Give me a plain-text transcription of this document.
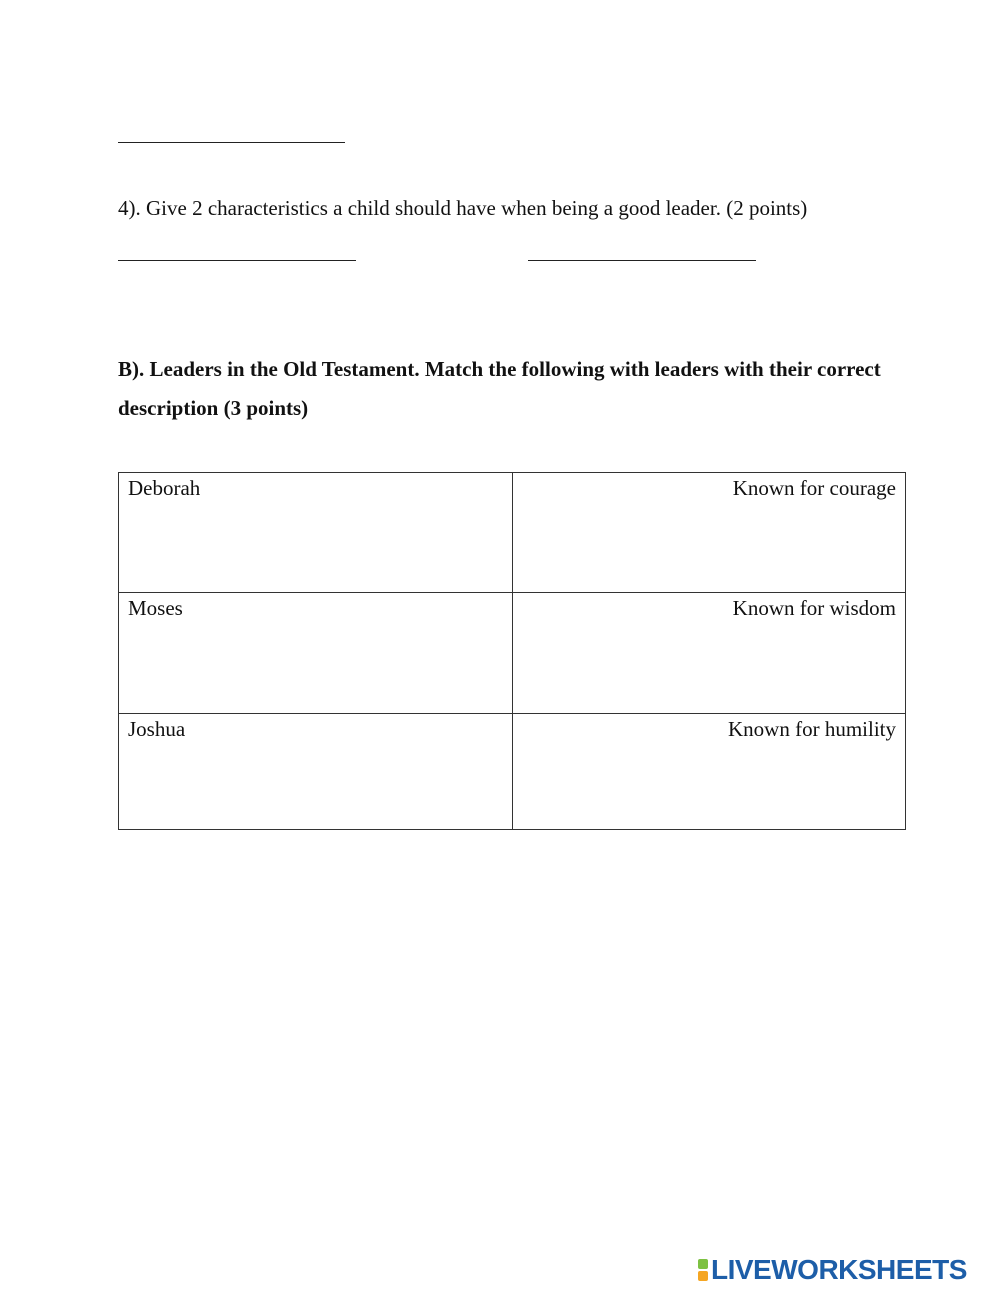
4). Give 2 characteristics a child should have when being a good leader. (2 points)
B). Leaders in the Old Testament. Match the following with leaders with their correct description (3 points)
Deborah	Known for courage
Moses	Known for wisdom
Joshua	Known for humility
LIVEWORKSHEETS
